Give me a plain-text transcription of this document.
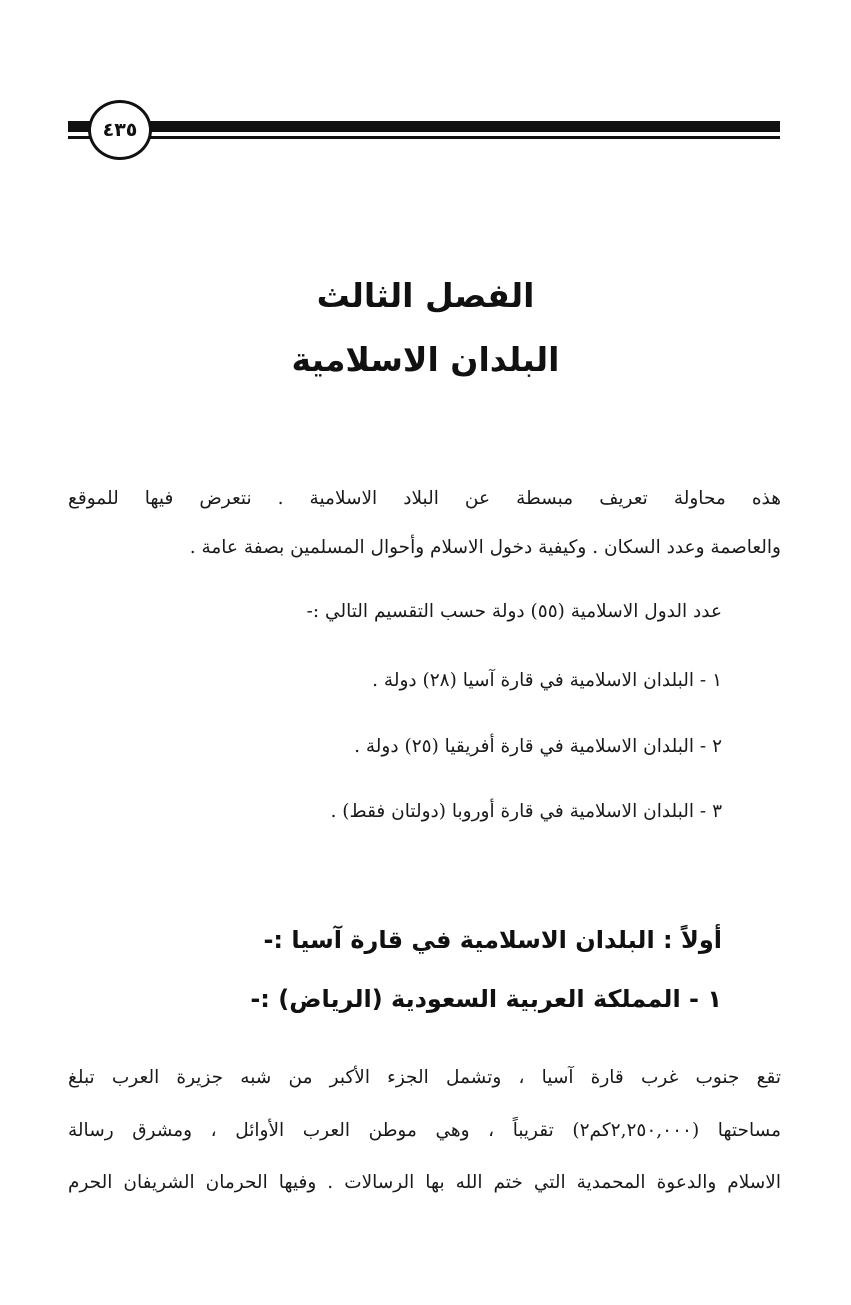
٤٣٥
الفصل الثالث
البلدان الاسلامية
هذه محاولة تعريف مبسطة عن البلاد الاسلامية . نتعرض فيها للموقع
والعاصمة وعدد السكان . وكيفية دخول الاسلام وأحوال المسلمين بصفة عامة .
عدد الدول الاسلامية (٥٥) دولة حسب التقسيم التالي :-
١ - البلدان الاسلامية في قارة آسيا (٢٨) دولة .
٢ - البلدان الاسلامية في قارة أفريقيا (٢٥) دولة .
٣ - البلدان الاسلامية في قارة أوروبا (دولتان فقط) .
أولاً : البلدان الاسلامية في قارة آسيا :-
١ - المملكة العربية السعودية (الرياض) :-
تقع جنوب غرب قارة آسيا ، وتشمل الجزء الأكبر من شبه جزيرة العرب تبلغ
مساحتها (٢,٢٥٠,٠٠٠كم٢) تقريباً ، وهي موطن العرب الأوائل ، ومشرق رسالة
الاسلام والدعوة المحمدية التي ختم الله بها الرسالات . وفيها الحرمان الشريفان الحرم
